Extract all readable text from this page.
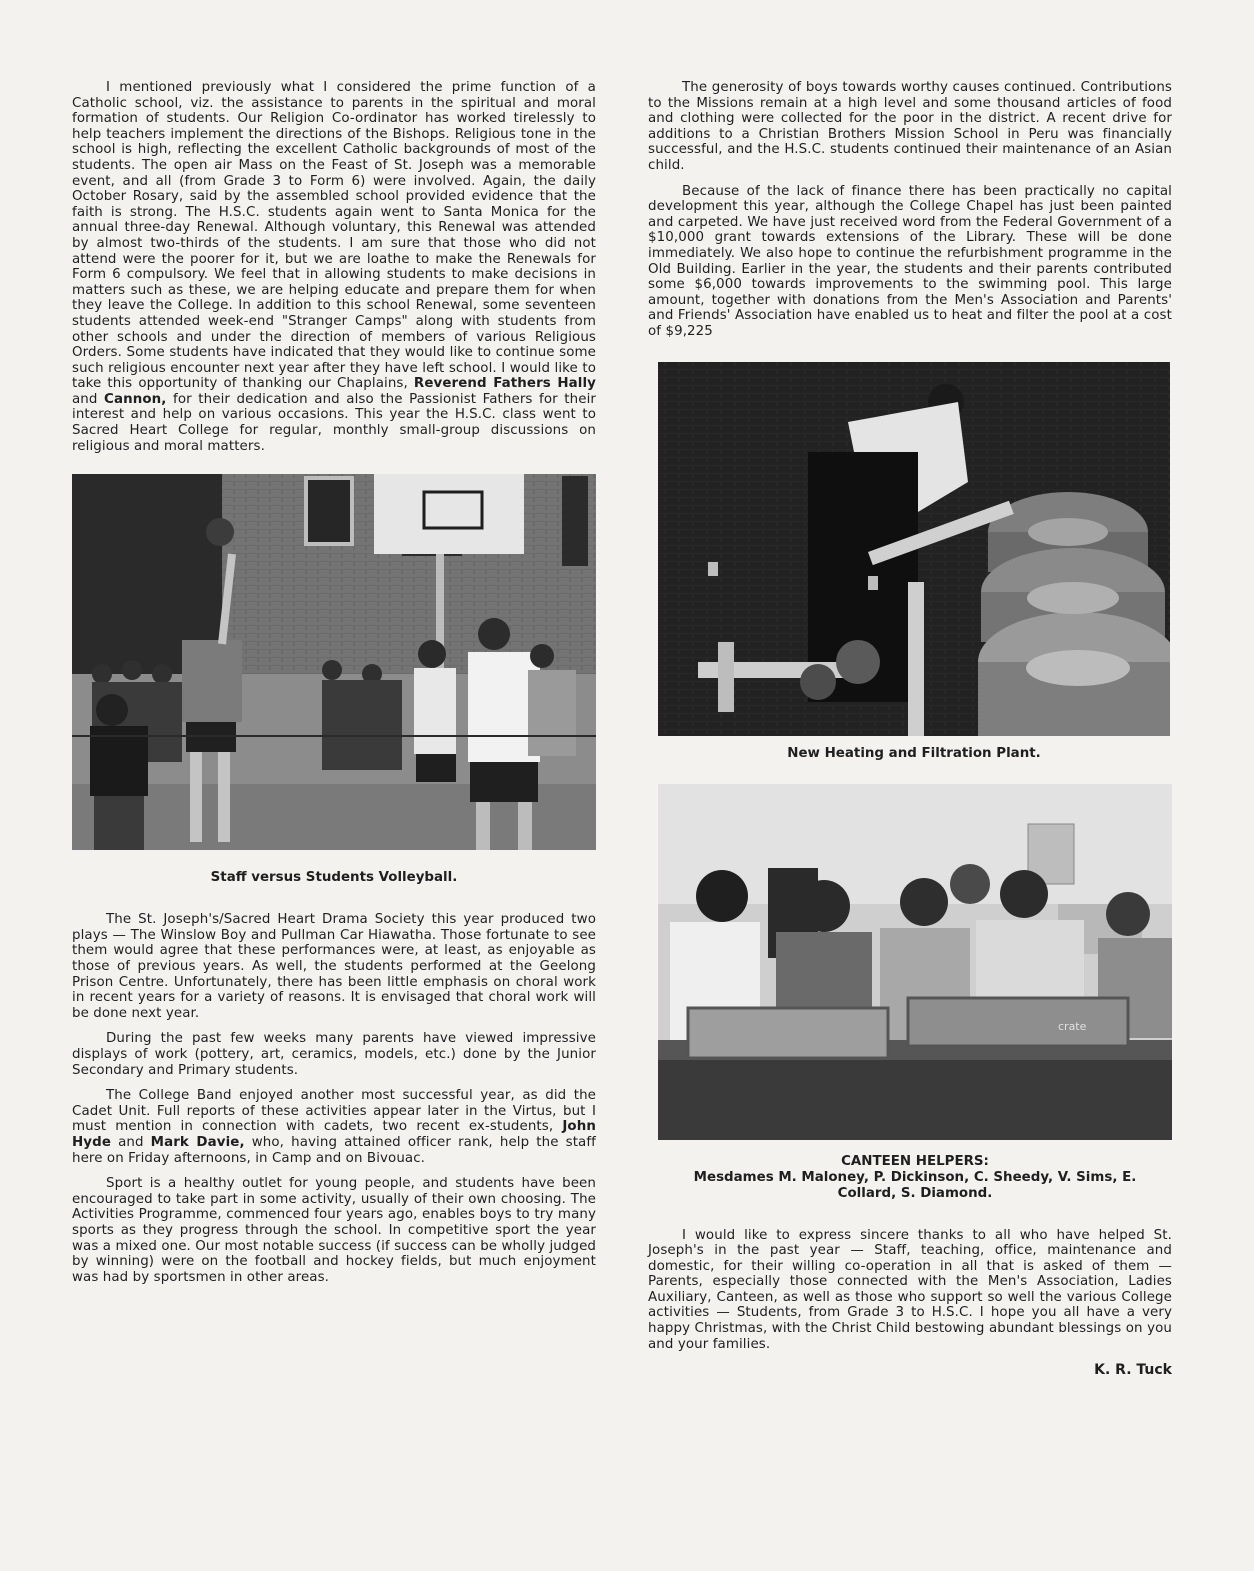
I mentioned previously what I considered the prime function of a Catholic school, viz. the assistance to parents in the spiritual and moral formation of students. Our Religion Co-ordinator has worked tirelessly to help teachers implement the directions of the Bishops. Religious tone in the school is high, reflecting the excellent Catholic backgrounds of most of the students. The open air Mass on the Feast of St. Joseph was a memorable event, and all (from Grade 3 to Form 6) were involved. Again, the daily October Rosary, said by the assembled school provided evidence that the faith is strong. The H.S.C. students again went to Santa Monica for the annual three-day Renewal. Although voluntary, this Renewal was attended by almost two-thirds of the students. I am sure that those who did not attend were the poorer for it, but we are loathe to make the Renewals for Form 6 compulsory. We feel that in allowing students to make decisions in matters such as these, we are helping educate and prepare them for when they leave the College. In addition to this school Renewal, some seventeen students attended week-end "Stranger Camps" along with students from other schools and under the direction of members of various Religious Orders. Some students have indicated that they would like to continue some such religious encounter next year after they have left school. I would like to take this opportunity of thanking our Chaplains, Reverend Fathers Hally and Cannon, for their dedication and also the Passionist Fathers for their interest and help on various occasions. This year the H.S.C. class went to Sacred Heart College for regular, monthly small-group discussions on religious and moral matters.

Staff versus Students Volleyball.

The St. Joseph's/Sacred Heart Drama Society this year produced two plays — The Winslow Boy and Pullman Car Hiawatha. Those fortunate to see them would agree that these performances were, at least, as enjoyable as those of previous years. As well, the students performed at the Geelong Prison Centre. Unfortunately, there has been little emphasis on choral work in recent years for a variety of reasons. It is envisaged that choral work will be done next year.

During the past few weeks many parents have viewed impressive displays of work (pottery, art, ceramics, models, etc.) done by the Junior Secondary and Primary students.

The College Band enjoyed another most successful year, as did the Cadet Unit. Full reports of these activities appear later in the Virtus, but I must mention in connection with cadets, two recent ex-students, John Hyde and Mark Davie, who, having attained officer rank, help the staff here on Friday afternoons, in Camp and on Bivouac.

Sport is a healthy outlet for young people, and students have been encouraged to take part in some activity, usually of their own choosing. The Activities Programme, commenced four years ago, enables boys to try many sports as they progress through the school. In competitive sport the year was a mixed one. Our most notable success (if success can be wholly judged by winning) were on the football and hockey fields, but much enjoyment was had by sportsmen in other areas.

The generosity of boys towards worthy causes continued. Contributions to the Missions remain at a high level and some thousand articles of food and clothing were collected for the poor in the district. A recent drive for additions to a Christian Brothers Mission School in Peru was financially successful, and the H.S.C. students continued their maintenance of an Asian child.

Because of the lack of finance there has been practically no capital development this year, although the College Chapel has just been painted and carpeted. We have just received word from the Federal Government of a $10,000 grant towards extensions of the Library. These will be done immediately. We also hope to continue the refurbishment programme in the Old Building. Earlier in the year, the students and their parents contributed some $6,000 towards improvements to the swimming pool. This large amount, together with donations from the Men's Association and Parents' and Friends' Association have enabled us to heat and filter the pool at a cost of $9,225

New Heating and Filtration Plant.
crate
CANTEEN HELPERS:
Mesdames M. Maloney, P. Dickinson, C. Sheedy, V. Sims, E. Collard, S. Diamond.

I would like to express sincere thanks to all who have helped St. Joseph's in the past year — Staff, teaching, office, maintenance and domestic, for their willing co-operation in all that is asked of them — Parents, especially those connected with the Men's Association, Ladies Auxiliary, Canteen, as well as those who support so well the various College activities — Students, from Grade 3 to H.S.C. I hope you all have a very happy Christmas, with the Christ Child bestowing abundant blessings on you and your families.

K. R. Tuck
